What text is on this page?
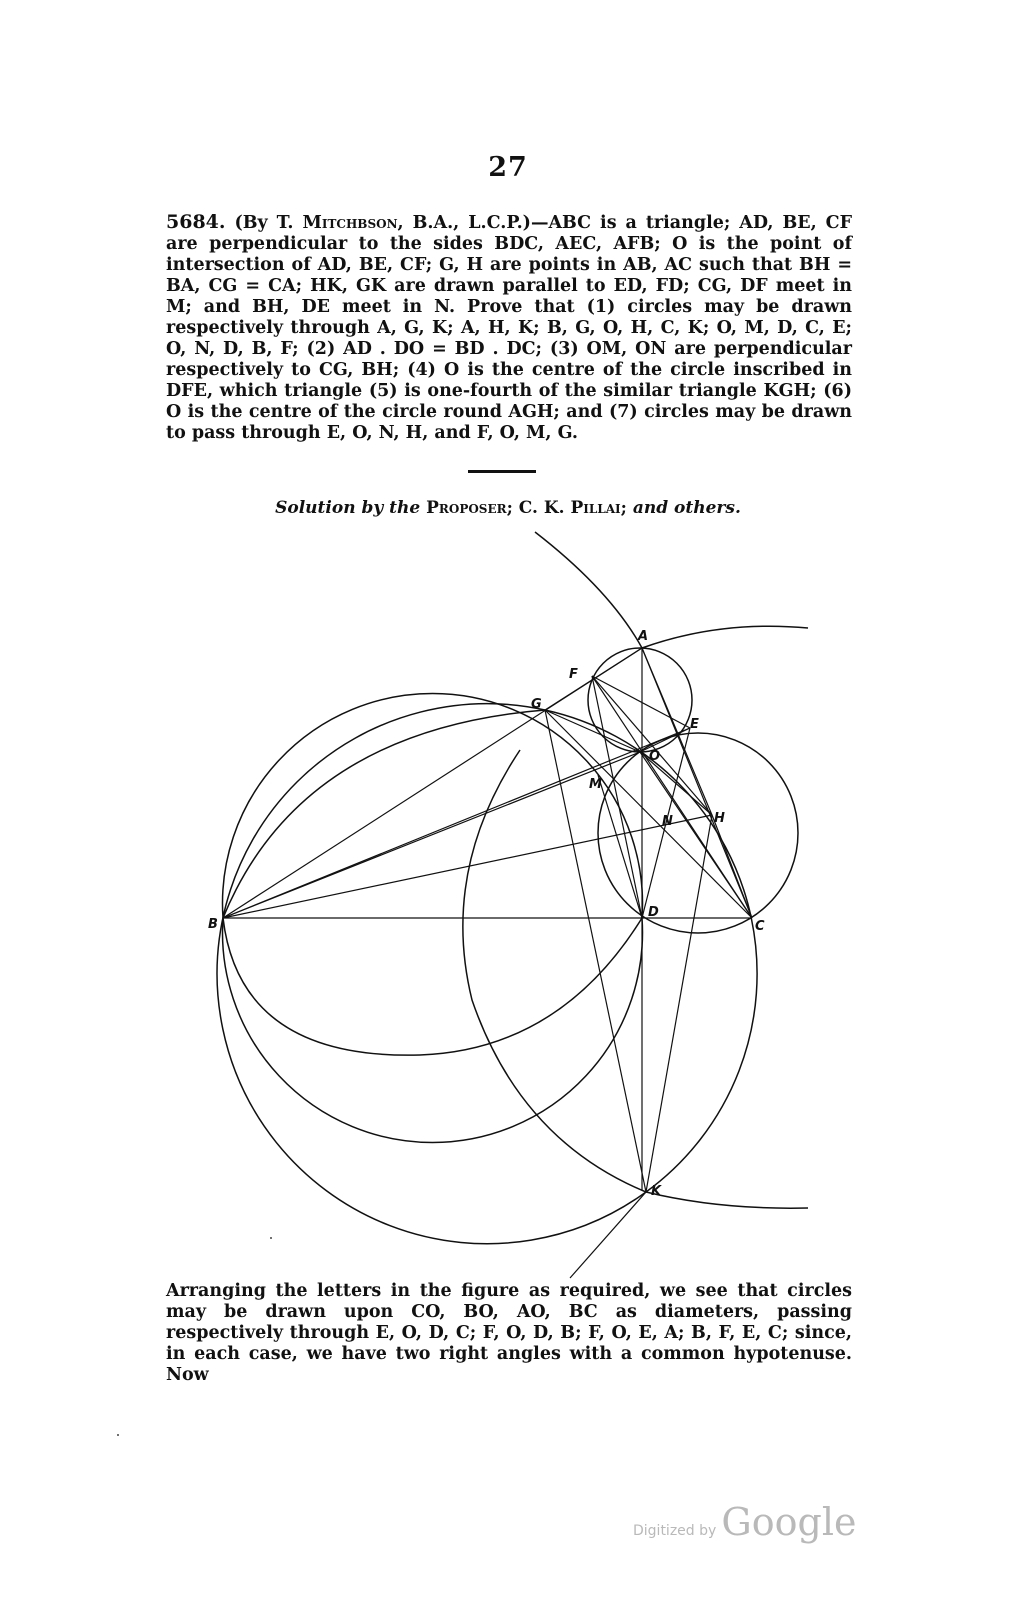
27

5684. (By T. Mitchbson, B.A., L.C.P.)—ABC is a triangle; AD, BE, CF are perpendicular to the sides BDC, AEC, AFB; O is the point of intersection of AD, BE, CF; G, H are points in AB, AC such that BH = BA, CG = CA; HK, GK are drawn parallel to ED, FD; CG, DF meet in M; and BH, DE meet in N. Prove that (1) circles may be drawn respectively through A, G, K; A, H, K; B, G, O, H, C, K; O, M, D, C, E; O, N, D, B, F; (2) AD . DO = BD . DC; (3) OM, ON are perpendicular respectively to CG, BH; (4) O is the centre of the circle inscribed in DFE, which triangle (5) is one-fourth of the similar triangle KGH; (6) O is the centre of the circle round AGH; and (7) circles may be drawn to pass through E, O, N, H, and F, O, M, G.

Solution by the Proposer; C. K. Pillai; and others.
A
F
G
E
O
M
N	H
B
D
C
K

Arranging the letters in the figure as required, we see that circles may be drawn upon CO, BO, AO, BC as diameters, passing respectively through E, O, D, C; F, O, D, B; F, O, E, A; B, F, E, C; since, in each case, we have two right angles with a common hypotenuse. Now

Digitized by Google
